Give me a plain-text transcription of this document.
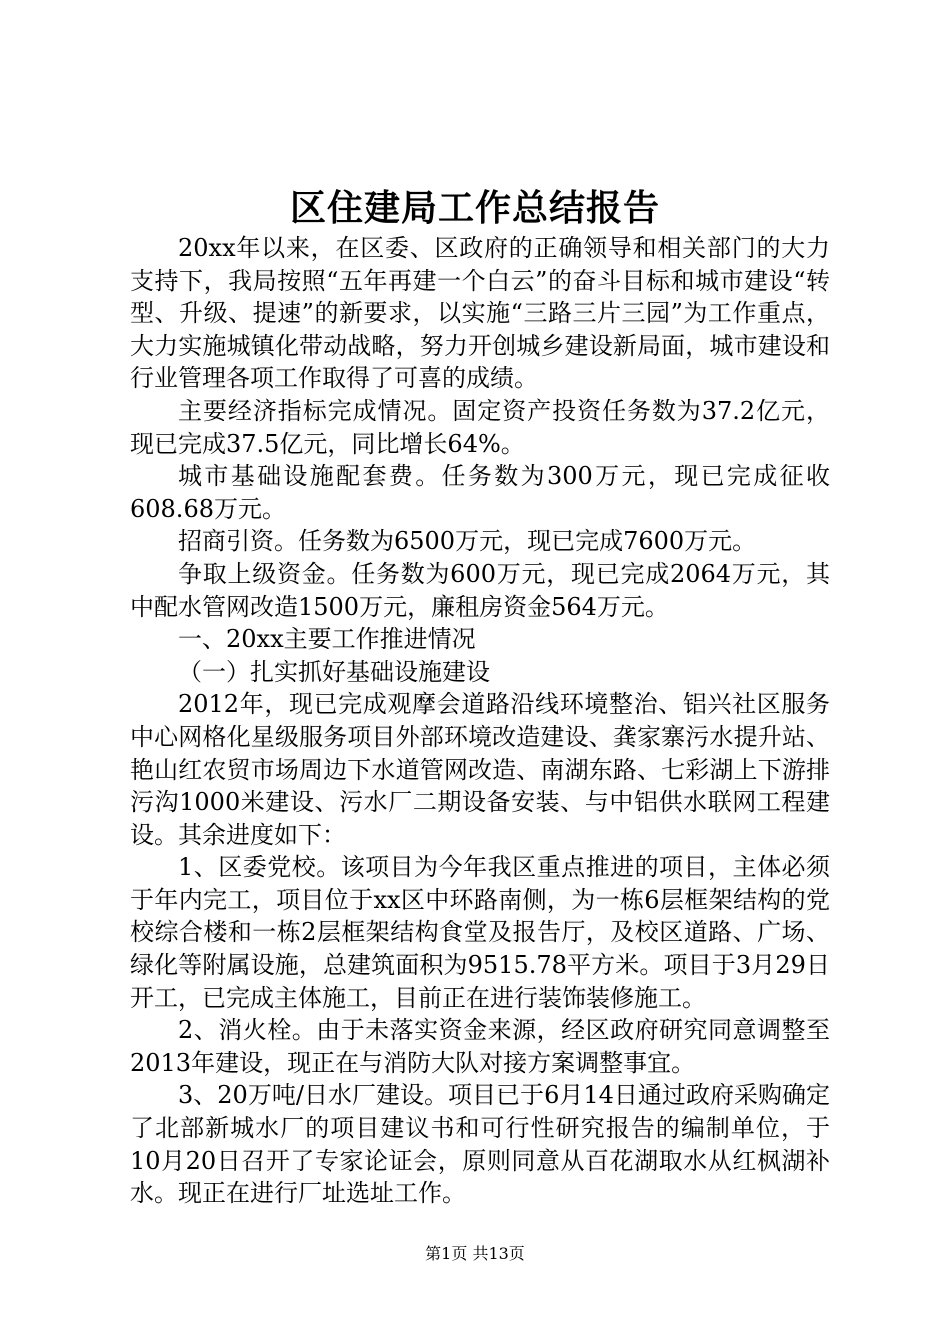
区住建局工作总结报告

20xx年以来，在区委、区政府的正确领导和相关部门的大力支持下，我局按照“五年再建一个白云”的奋斗目标和城市建设“转型、升级、提速”的新要求，以实施“三路三片三园”为工作重点，大力实施城镇化带动战略，努力开创城乡建设新局面，城市建设和行业管理各项工作取得了可喜的成绩。

主要经济指标完成情况。固定资产投资任务数为37.2亿元，现已完成37.5亿元，同比增长64%。

城市基础设施配套费。任务数为300万元，现已完成征收608.68万元。

招商引资。任务数为6500万元，现已完成7600万元。

争取上级资金。任务数为600万元，现已完成2064万元，其中配水管网改造1500万元，廉租房资金564万元。

一、20xx主要工作推进情况

（一）扎实抓好基础设施建设

2012年，现已完成观摩会道路沿线环境整治、铝兴社区服务中心网格化星级服务项目外部环境改造建设、龚家寨污水提升站、艳山红农贸市场周边下水道管网改造、南湖东路、七彩湖上下游排污沟1000米建设、污水厂二期设备安装、与中铝供水联网工程建设。其余进度如下：

1、区委党校。该项目为今年我区重点推进的项目，主体必须于年内完工，项目位于xx区中环路南侧，为一栋6层框架结构的党校综合楼和一栋2层框架结构食堂及报告厅，及校区道路、广场、绿化等附属设施，总建筑面积为9515.78平方米。项目于3月29日开工，已完成主体施工，目前正在进行装饰装修施工。

2、消火栓。由于未落实资金来源，经区政府研究同意调整至2013年建设，现正在与消防大队对接方案调整事宜。

3、20万吨/日水厂建设。项目已于6月14日通过政府采购确定了北部新城水厂的项目建议书和可行性研究报告的编制单位，于10月20日召开了专家论证会，原则同意从百花湖取水从红枫湖补水。现正在进行厂址选址工作。

第1页 共13页
